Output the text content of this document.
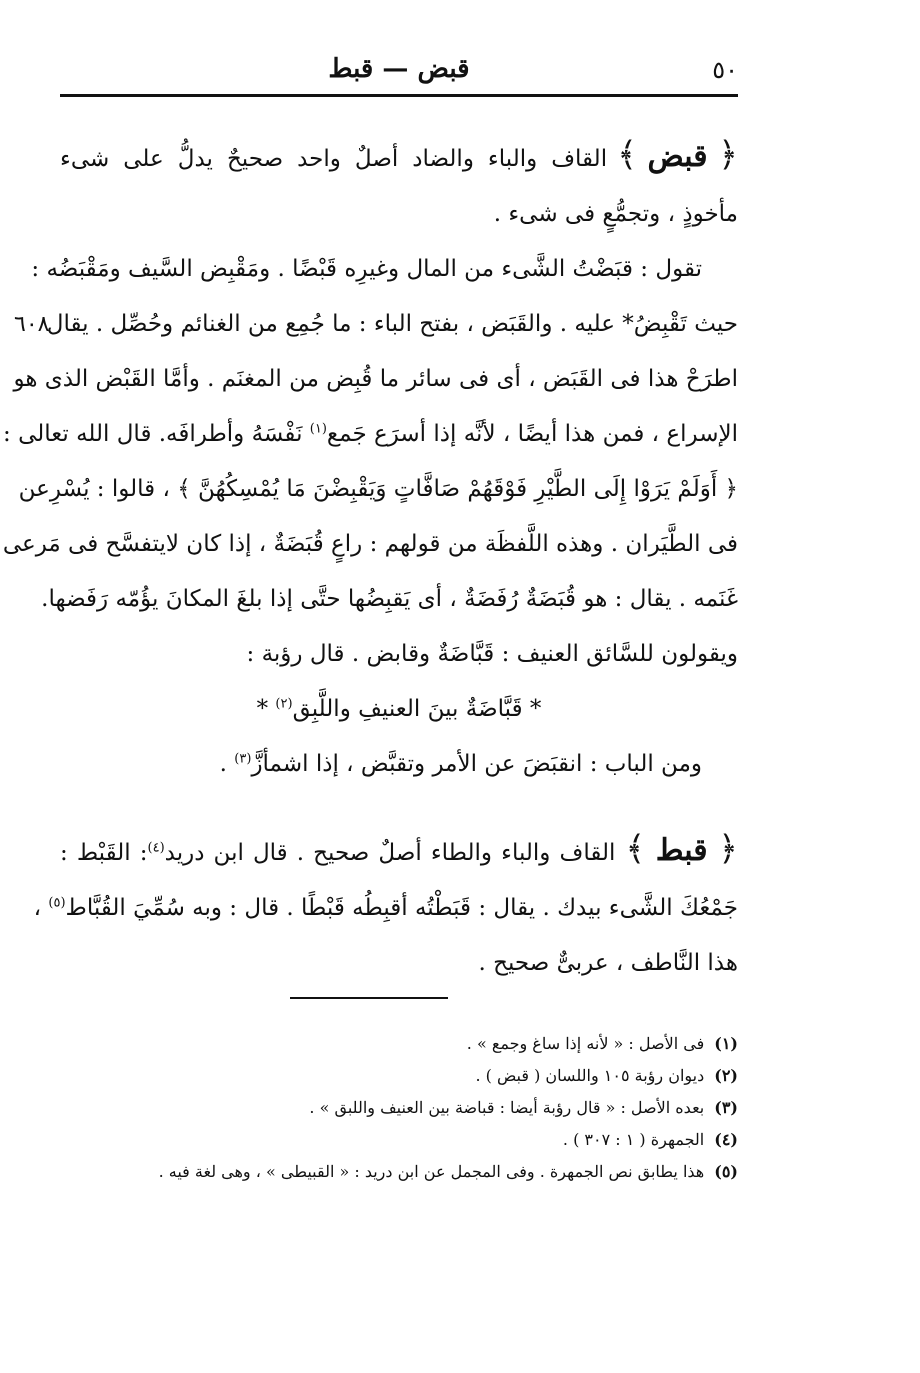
٥٠
قبض — قبط
﴿ قبض ﴾القاف والباء والضاد أصلٌ واحد صحيحٌ يدلُّ على شىء
مأخوذٍ ، وتجمُّعٍ فى شىء .
تقول : قبَضْتُ الشَّىء من المال وغيرِه قَبْضًا . ومَقْبِض السَّيف ومَقْبَضُه :
٦٠٨
حيث تَقْبِضُ* عليه . والقَبَض ، بفتح الباء : ما جُمِع من الغنائم وحُصِّل . يقال
اطرَحْ هذا فى القَبَض ، أى فى سائر ما قُبِض من المغنَم . وأمَّا القَبْض الذى هو
الإسراع ، فمن هذا أيضًا ، لأنَّه إذا أسرَع جَمع$^{(١)}$ نَفْسَهُ وأطرافَه. قال الله تعالى :
﴿ أَوَلَمْ يَرَوْا إِلَى الطَّيْرِ فَوْقَهُمْ صَافَّاتٍ وَيَقْبِضْنَ مَا يُمْسِكُهُنَّ ﴾ ، قالوا : يُسْرِعن
فى الطَّيَران . وهذه اللَّفظَة من قولهم : راعٍ قُبَضَةٌ ، إذا كان لايتفسَّح فى مَرعى
غَنَمه . يقال : هو قُبَضَةٌ رُفَضَةٌ ، أى يَقبِضُها حتَّى إذا بلغَ المكانَ يؤُمّه رَفَضها.
ويقولون للسَّائق العنيف : قَبَّاضَةٌ وقابض . قال رؤبة :
* قَبَّاضَةٌ بينَ العنيفِ واللَّبِق$^{(٢)}$ *
ومن الباب : انقبَضَ عن الأمر وتقبَّض ، إذا اشمأزَّ$^{(٣)}$ .
﴿ قبط ﴾القاف والباء والطاء أصلٌ صحيح . قال ابن دريد$^{(٤)}$: القَبْط :
جَمْعُكَ الشَّىء بيدك . يقال : قَبَطْتُه أقبِطُه قَبْطًا . قال : وبه سُمِّيَ القُبَّاط$^{(٥)}$ ،
هذا النَّاطف ، عربىٌّ صحيح .
(١)فى الأصل : « لأنه إذا ساغ وجمع » .
(٢)ديوان رؤبة ١٠٥ واللسان ( قبض ) .
(٣)بعده الأصل : « قال رؤبة أيضا : قباضة بين العنيف واللبق » .
(٤)الجمهرة ( ١ : ٣٠٧ ) .
(٥)هذا يطابق نص الجمهرة . وفى المجمل عن ابن دريد : « القبيطى » ، وهى لغة فيه .
